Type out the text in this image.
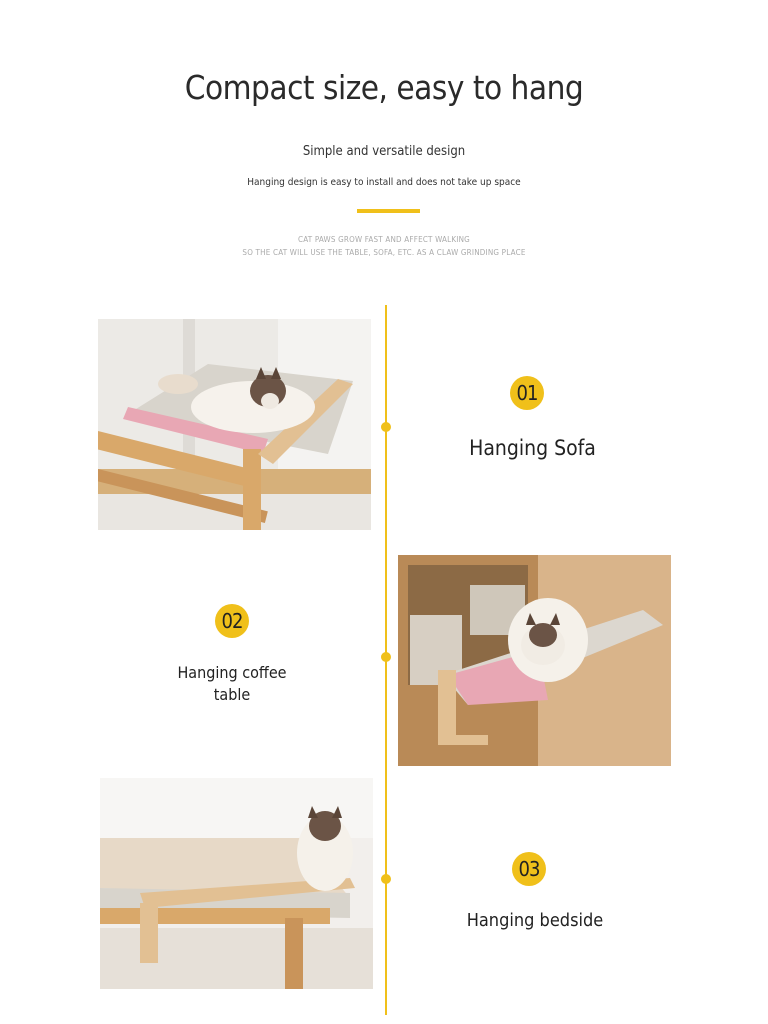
Compact size, easy to hang
Simple and versatile design
Hanging design is easy to install and does not take up space
CAT PAWS GROW FAST AND AFFECT WALKING
SO THE CAT WILL USE THE TABLE, SOFA, ETC. AS A CLAW GRINDING PLACE
01
Hanging Sofa
02
Hanging coffee table
03
Hanging bedside
